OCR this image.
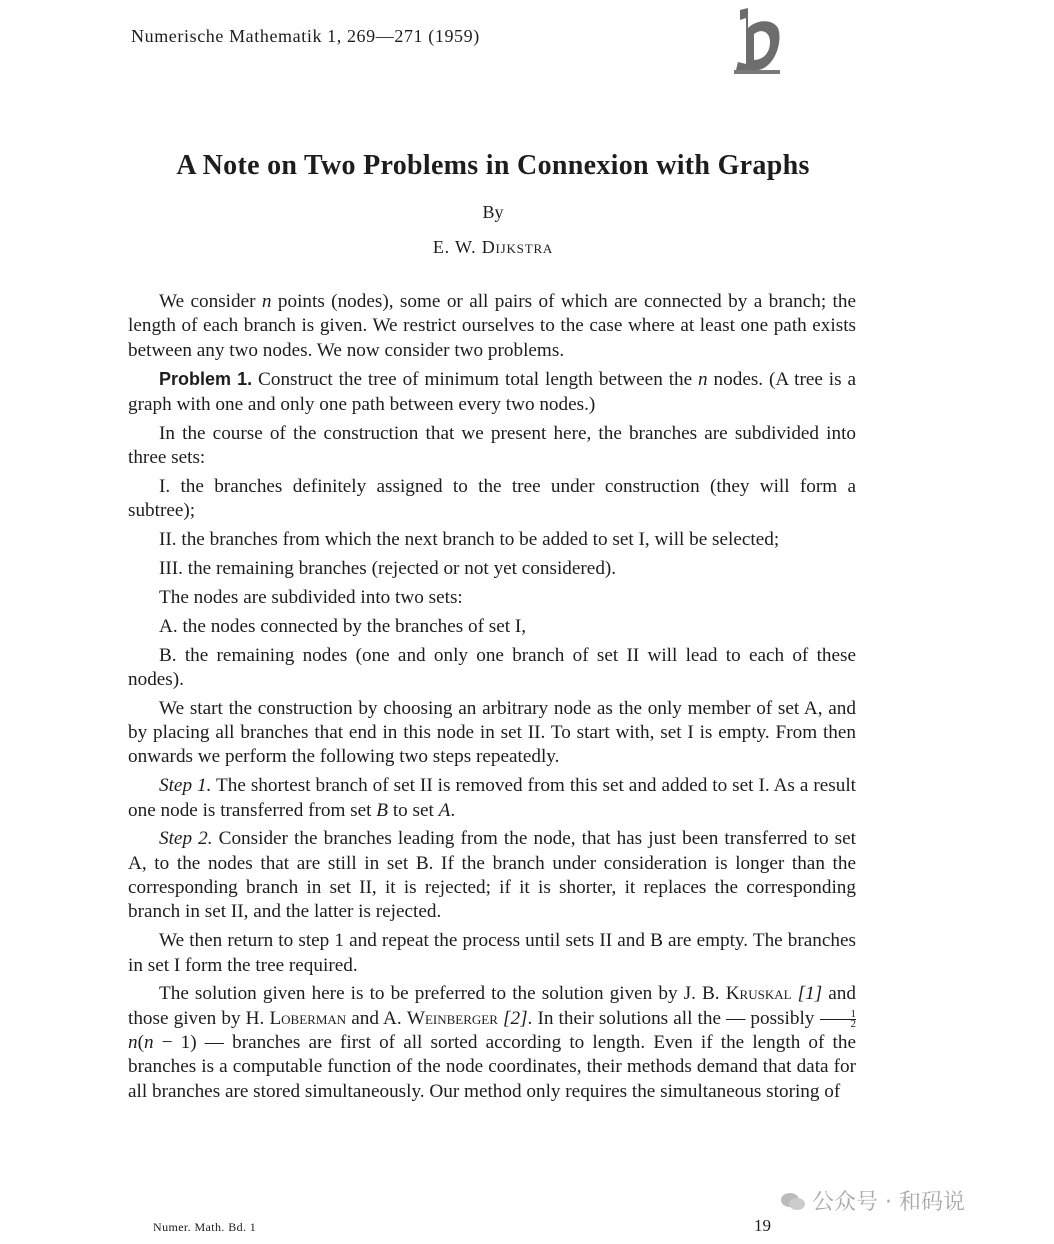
Numerische Mathematik 1, 269—271 (1959)
A Note on Two Problems in Connexion with Graphs
By
E. W. Dijkstra

We consider n points (nodes), some or all pairs of which are connected by a branch; the length of each branch is given. We restrict ourselves to the case where at least one path exists between any two nodes. We now consider two problems.

Problem 1. Construct the tree of minimum total length between the n nodes. (A tree is a graph with one and only one path between every two nodes.)

In the course of the construction that we present here, the branches are subdivided into three sets:

I. the branches definitely assigned to the tree under construction (they will form a subtree);

II. the branches from which the next branch to be added to set I, will be selected;

III. the remaining branches (rejected or not yet considered).

The nodes are subdivided into two sets:

A. the nodes connected by the branches of set I,

B. the remaining nodes (one and only one branch of set II will lead to each of these nodes).

We start the construction by choosing an arbitrary node as the only member of set A, and by placing all branches that end in this node in set II. To start with, set I is empty. From then onwards we perform the following two steps repeatedly.

Step 1. The shortest branch of set II is removed from this set and added to set I. As a result one node is transferred from set B to set A.

Step 2. Consider the branches leading from the node, that has just been transferred to set A, to the nodes that are still in set B. If the branch under consideration is longer than the corresponding branch in set II, it is rejected; if it is shorter, it replaces the corresponding branch in set II, and the latter is rejected.

We then return to step 1 and repeat the process until sets II and B are empty. The branches in set I form the tree required.

The solution given here is to be preferred to the solution given by J. B. Kruskal [1] and those given by H. Loberman and A. Weinberger [2]. In their solutions all the — possibly $\frac{1}{2}$
n(n − 1) — branches are first of all sorted according to length. Even if the length of the branches is a computable function of the node coordinates, their methods demand that data for all branches are stored simultaneously. Our method only requires the simultaneous storing of

Numer. Math. Bd. 1	19
公众号 · 和码说
